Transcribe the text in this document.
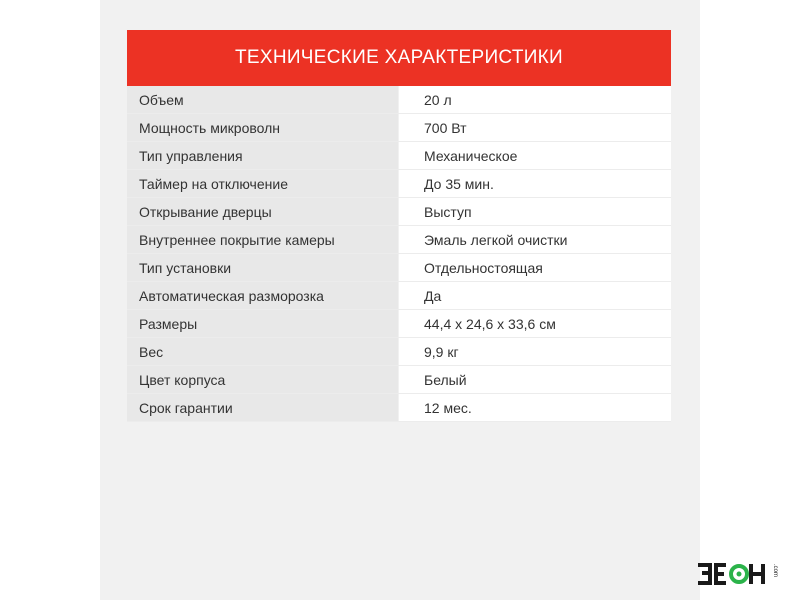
ТЕХНИЧЕСКИЕ ХАРАКТЕРИСТИКИ
Объем	20 л
Мощность микроволн	700 Вт
Тип управления	Механическое
Таймер на отключение	До 35 мин.
Открывание дверцы	Выступ
Внутреннее покрытие камеры	Эмаль легкой очистки
Тип установки	Отдельностоящая
Автоматическая разморозка	Да
Размеры	44,4 x 24,6 x 33,6 см
Вес	9,9 кг
Цвет корпуса	Белый
Срок гарантии	12 мес.
.com
